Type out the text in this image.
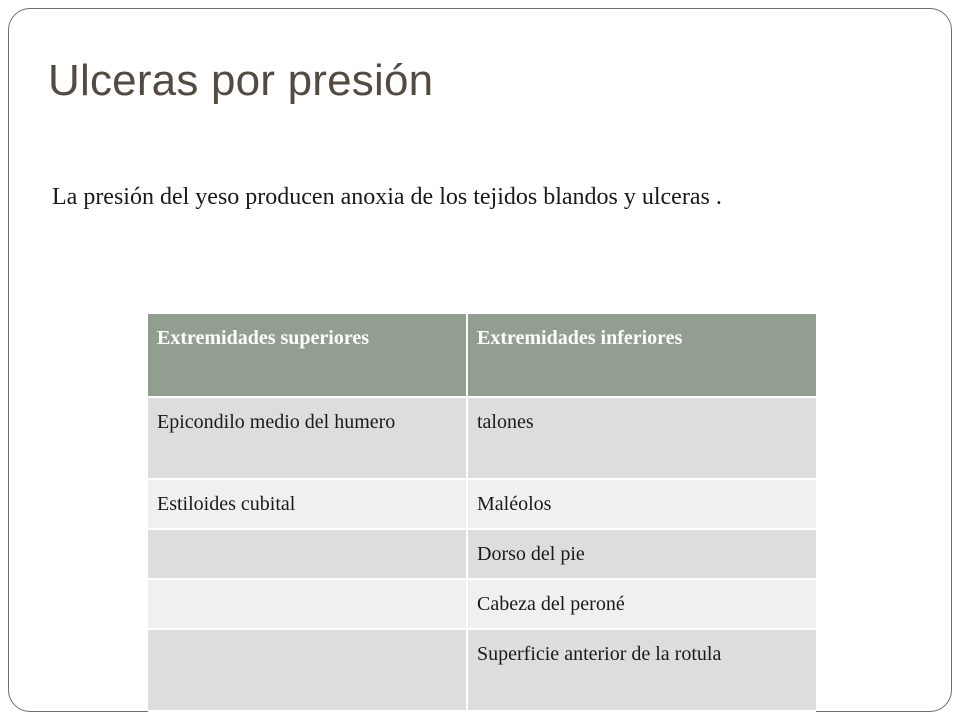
Ulceras por presión

La presión del yeso producen anoxia de los tejidos blandos y ulceras .

Extremidades superiores	Extremidades inferiores
Epicondilo medio del humero	talones
Estiloides cubital	Maléolos
	Dorso del pie
	Cabeza del peroné
	Superficie anterior de la rotula
